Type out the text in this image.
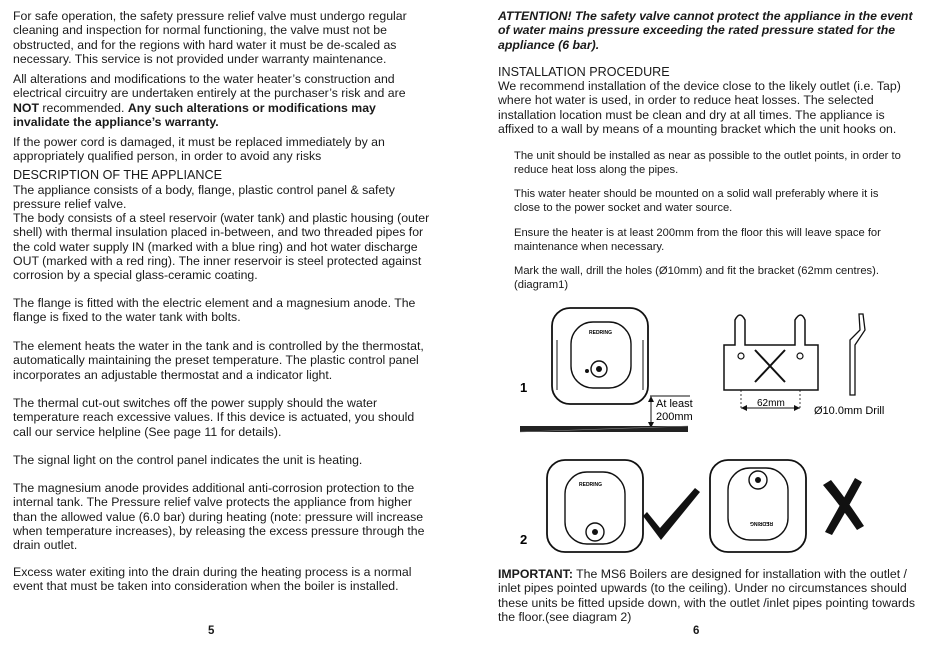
For safe operation, the safety pressure relief valve must undergo regular cleaning and inspection for normal functioning, the valve must not be obstructed, and for the regions with hard water it must be de-scaled as necessary. This service is not provided under warranty maintenance.

All alterations and modifications to the water heater’s construction and electrical circuitry are undertaken entirely at the purchaser’s risk and are NOT recommended. Any such alterations or modifications may invalidate the appliance’s warranty.

If the power cord is damaged, it must be replaced immediately by an appropriately qualified person, in order to avoid any risks

DESCRIPTION OF THE APPLIANCE

The appliance consists of a body, flange, plastic control panel & safety pressure relief valve.

The body consists of a steel reservoir (water tank) and plastic housing (outer shell) with thermal insulation placed in-between, and two threaded pipes for the cold water supply IN (marked with a blue ring) and hot water discharge OUT (marked with a red ring). The inner reservoir is steel protected against corrosion by a special glass-ceramic coating.

The flange is fitted with the electric element and a magnesium anode. The flange is fixed to the water tank with bolts.

The element heats the water in the tank and is controlled by the thermostat, automatically maintaining the preset temperature. The plastic control panel incorporates an adjustable thermostat and a indicator light.

The thermal cut-out switches off the power supply should the water temperature reach excessive values. If this device is actuated, you should call our service helpline (See page 11 for details).

The signal light on the control panel indicates the unit is heating.

The magnesium anode provides additional anti-corrosion protection to the internal tank. The Pressure relief valve protects the appliance from higher than the allowed value (6.0 bar) during heating (note: pressure will increase when temperature increases), by releasing the excess pressure through the drain outlet.

Excess water exiting into the drain during the heating process is a normal event that must be taken into consideration when the boiler is installed.

5

ATTENTION! The safety valve cannot protect the appliance in the event of water mains pressure exceeding the rated pressure stated for the appliance (6 bar).

INSTALLATION PROCEDURE

We recommend installation of the device close to the likely outlet (i.e. Tap) where hot water is used, in order to reduce heat losses. The selected installation location must be clean and dry at all times. The appliance is affixed to a wall by means of a mounting bracket which the unit hooks on.

The unit should be installed as near as possible to the outlet points, in order to reduce heat loss along the pipes.

This water heater should be mounted on a solid wall preferably where it is close to the power socket and water source.

Ensure the heater is at least 200mm from the floor this will leave space for maintenance when necessary.

Mark the wall, drill the holes (Ø10mm) and fit the bracket (62mm centres). (diagram1)

IMPORTANT: The MS6 Boilers are designed for installation with the outlet / inlet pipes pointed upwards (to the ceiling). Under no circumstances should these units be fitted upside down, with the outlet /inlet pipes pointing towards the floor.(see diagram 2)

6
1
REDRING
At least
200mm
62mm
Ø10.0mm Drill
2
REDRING
REDRING
